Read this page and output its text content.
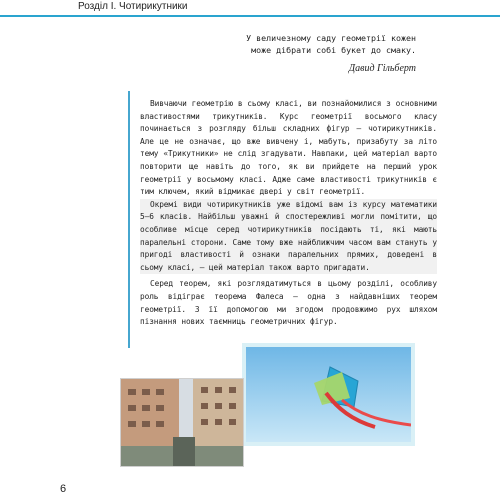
Розділ І. Чотирикутники
У величезному саду геометрії кожен
може дібрати собі букет до смаку.
Давид Гільберт

Вивчаючи геометрію в сьому класі, ви познайомилися з основними властивостями трикутників. Курс геометрії восьмого класу починається з розгляду більш складних фігур — чотирикутників. Але це не означає, що вже вивчену і, мабуть, призабуту за літо тему «Трикутники» не слід згадувати. Навпаки, цей матеріал варто повторити ще навіть до того, як ви прийдете на перший урок геометрії у восьмому класі. Адже саме властивості трикутників є тим ключем, який відмикає двері у світ геометрії.

Окремі види чотирикутників уже відомі вам із курсу математики 5–6 класів. Найбільш уважні й спостережливі могли помітити, що особливе місце серед чотирикутників посідають ті, які мають паралельні сторони. Саме тому вже найближчим часом вам стануть у пригоді властивості й ознаки паралельних прямих, доведені в сьому класі, — цей матеріал також варто пригадати.

Серед теорем, які розглядатимуться в цьому розділі, особливу роль відіграє теорема Фалеса — одна з найдавніших теорем геометрії. З її допомогою ми згодом продовжимо рух шляхом пізнання нових таємниць геометричних фігур.

6
